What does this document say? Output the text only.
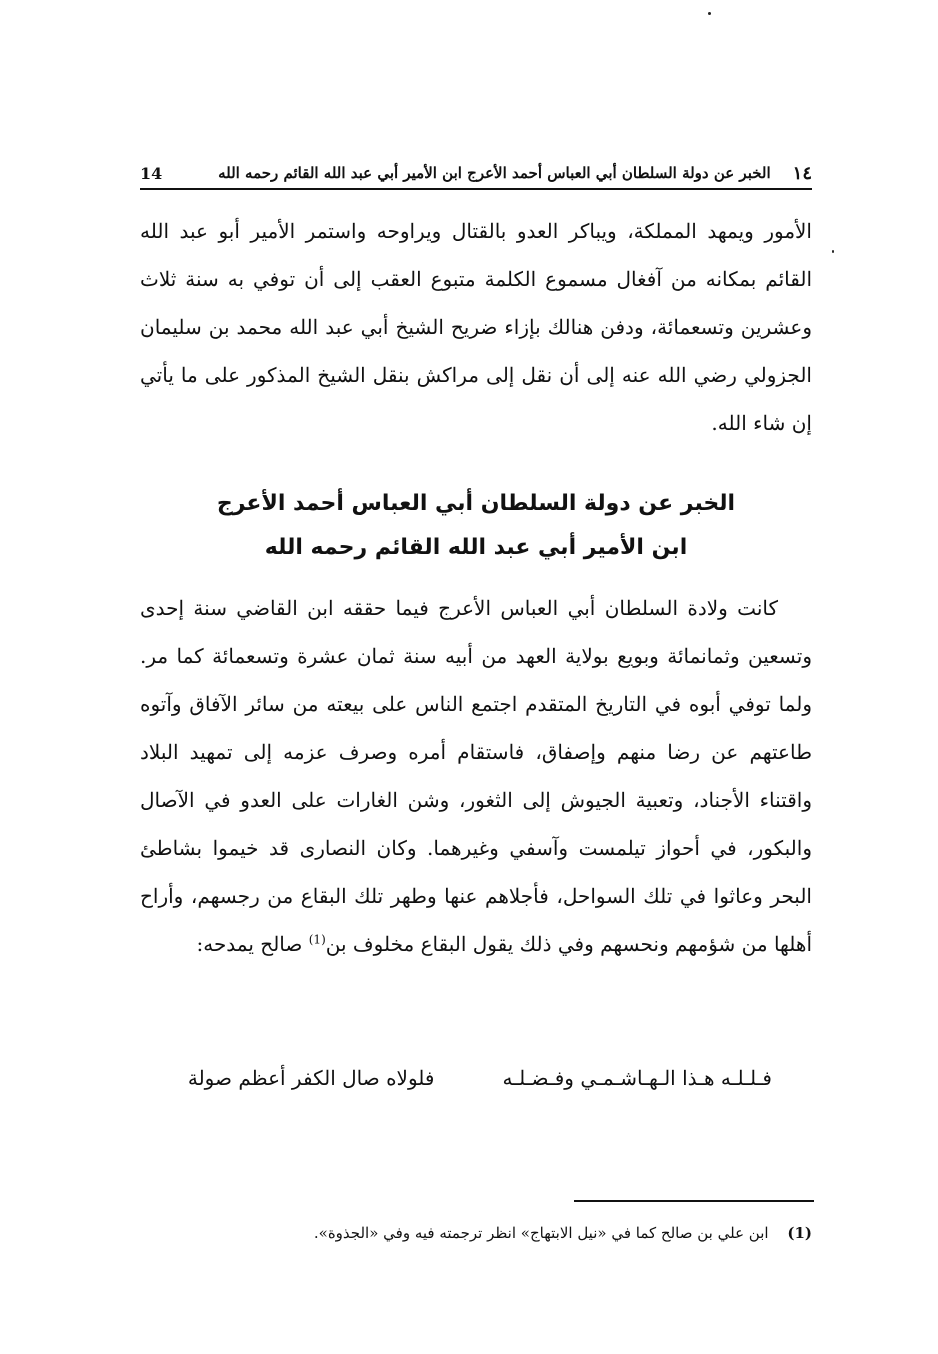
١٤
الخبر عن دولة السلطان أبي العباس أحمد الأعرج ابن الأمير أبي عبد الله القائم رحمه الله
14

الأمور ويمهد المملكة، ويباكر العدو بالقتال ويراوحه واستمر الأمير أبو عبد الله القائم بمكانه من آفغال مسموع الكلمة متبوع العقب إلى أن توفي به سنة ثلاث وعشرين وتسعمائة، ودفن هنالك بإزاء ضريح الشيخ أبي عبد الله محمد بن سليمان الجزولي رضي الله عنه إلى أن نقل إلى مراكش بنقل الشيخ المذكور على ما يأتي إن شاء الله.

الخبر عن دولة السلطان أبي العباس أحمد الأعرج
ابن الأمير أبي عبد الله القائم رحمه الله

كانت ولادة السلطان أبي العباس الأعرج فيما حققه ابن القاضي سنة إحدى وتسعين وثمانمائة وبويع بولاية العهد من أبيه سنة ثمان عشرة وتسعمائة كما مر. ولما توفي أبوه في التاريخ المتقدم اجتمع الناس على بيعته من سائر الآفاق وآتوه طاعتهم عن رضا منهم وإصفاق، فاستقام أمره وصرف عزمه إلى تمهيد البلاد واقتناء الأجناد، وتعبية الجيوش إلى الثغور، وشن الغارات على العدو في الآصال والبكور، في أحواز تيلمست وآسفي وغيرهما. وكان النصارى قد خيموا بشاطئ البحر وعاثوا في تلك السواحل، فأجلاهم عنها وطهر تلك البقاع من رجسهم، وأراح أهلها من شؤمهم ونحسهم وفي ذلك يقول البقاع مخلوف بن$^{(1)}$ صالح يمدحه:

فـلـلـه هـذا الـهـاشـمـي وفـضـلـه
فلولاه صال الكفر أعظم صولة
(1) ابن علي بن صالح كما في «نيل الابتهاج» انظر ترجمته فيه وفي «الجذوة».
